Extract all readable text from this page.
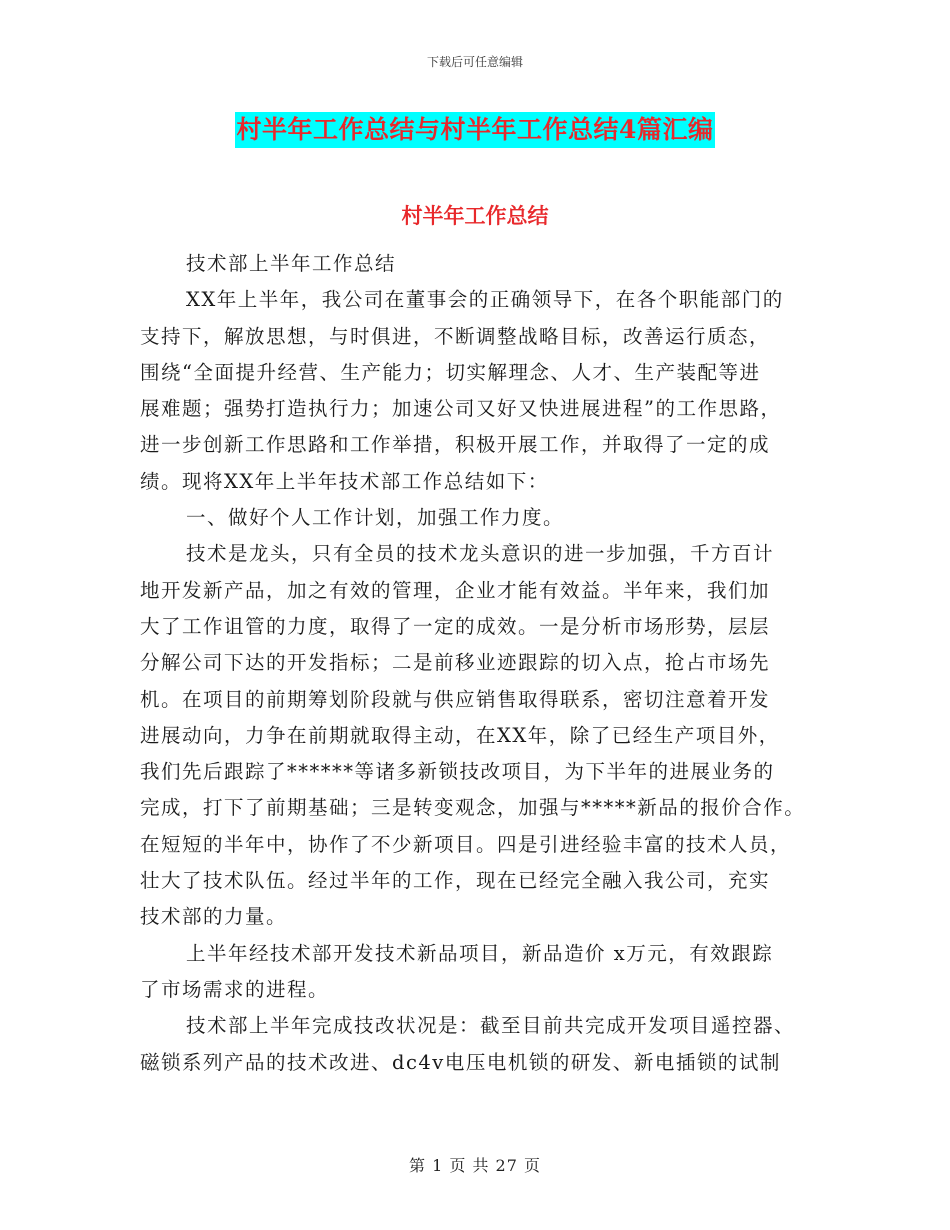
下载后可任意编辑
村半年工作总结与村半年工作总结4篇汇编
村半年工作总结
技术部上半年工作总结
XX年上半年，我公司在董事会的正确领导下，在各个职能部门的
支持下，解放思想，与时俱进，不断调整战略目标，改善运行质态，
围绕“全面提升经营、生产能力；切实解理念、人才、生产装配等进
展难题；强势打造执行力；加速公司又好又快进展进程”的工作思路，
进一步创新工作思路和工作举措，积极开展工作，并取得了一定的成
绩。现将XX年上半年技术部工作总结如下：
一、做好个人工作计划，加强工作力度。
技术是龙头，只有全员的技术龙头意识的进一步加强，千方百计
地开发新产品，加之有效的管理，企业才能有效益。半年来，我们加
大了工作诅管的力度，取得了一定的成效。一是分析市场形势，层层
分解公司下达的开发指标；二是前移业迹跟踪的切入点，抢占市场先
机。在项目的前期筹划阶段就与供应销售取得联系，密切注意着开发
进展动向，力争在前期就取得主动，在XX年，除了已经生产项目外，
我们先后跟踪了******等诸多新锁技改项目，为下半年的进展业务的
完成，打下了前期基础；三是转变观念，加强与*****新品的报价合作。
在短短的半年中，协作了不少新项目。四是引进经验丰富的技术人员，
壮大了技术队伍。经过半年的工作，现在已经完全融入我公司，充实
技术部的力量。
上半年经技术部开发技术新品项目，新品造价 x万元，有效跟踪
了市场需求的进程。
技术部上半年完成技改状况是：截至目前共完成开发项目遥控器、
磁锁系列产品的技术改进、dc4v电压电机锁的研发、新电插锁的试制
第 1 页 共 27 页
